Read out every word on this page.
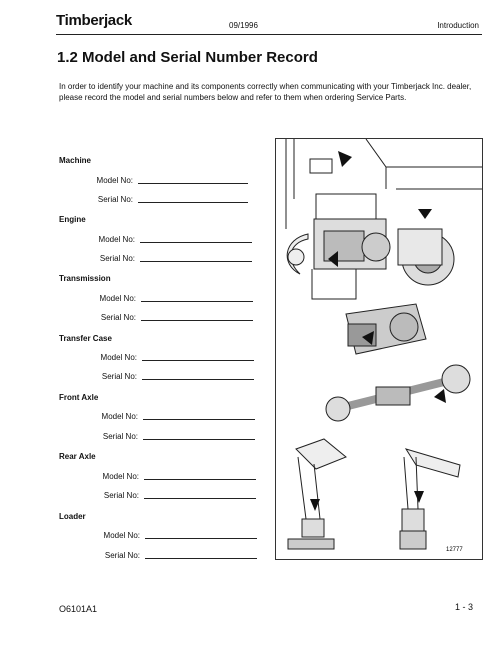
Timberjack	09/1996	Introduction
1.2 Model and Serial Number Record
In order to identify your machine and its components correctly when communicating with your Timberjack Inc. dealer, please record the model and serial numbers below and refer to them when ordering Service Parts.
Machine
Model No:
Serial No:
Engine
Model No:
Serial No:
Transmission
Model No:
Serial No:
Transfer Case
Model No:
Serial No:
Front Axle
Model No:
Serial No:
Rear Axle
Model No:
Serial No:
Loader
Model No:
Serial No:
12777
O6101A1	1 - 3
